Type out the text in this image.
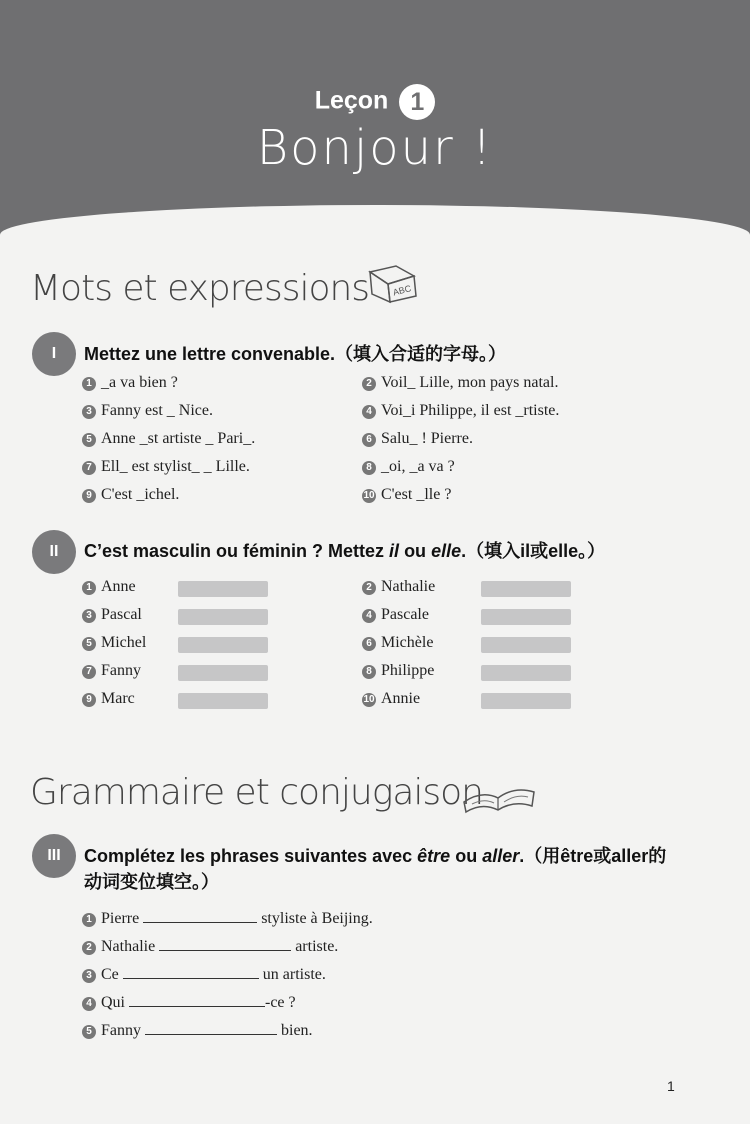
Leçon 1
Bonjour !
Mots et expressions	ABC
I	Mettez une lettre convenable.（填入合适的字母。）
1 _a va bien ?	2 Voil_ Lille, mon pays natal.
3 Fanny est _ Nice.	4 Voi_i Philippe, il est _rtiste.
5 Anne _st artiste _ Pari_.	6 Salu_ ! Pierre.
7 Ell_ est stylist_ _ Lille.	8 _oi, _a va ?
9 C'est _ichel.	10 C'est _lle ?
II	C’est masculin ou féminin ? Mettez il ou elle.（填入il或elle。）
1 Anne	2 Nathalie
3 Pascal	4 Pascale
5 Michel	6 Michèle
7 Fanny	8 Philippe
9 Marc	10 Annie
Grammaire et conjugaison
III	Complétez les phrases suivantes avec être ou aller.（用être或aller的动词变位填空。）
1 Pierre	styliste à Beijing.
2 Nathalie	artiste.
3 Ce	un artiste.
4 Qui	-ce ?
5 Fanny	bien.
1
